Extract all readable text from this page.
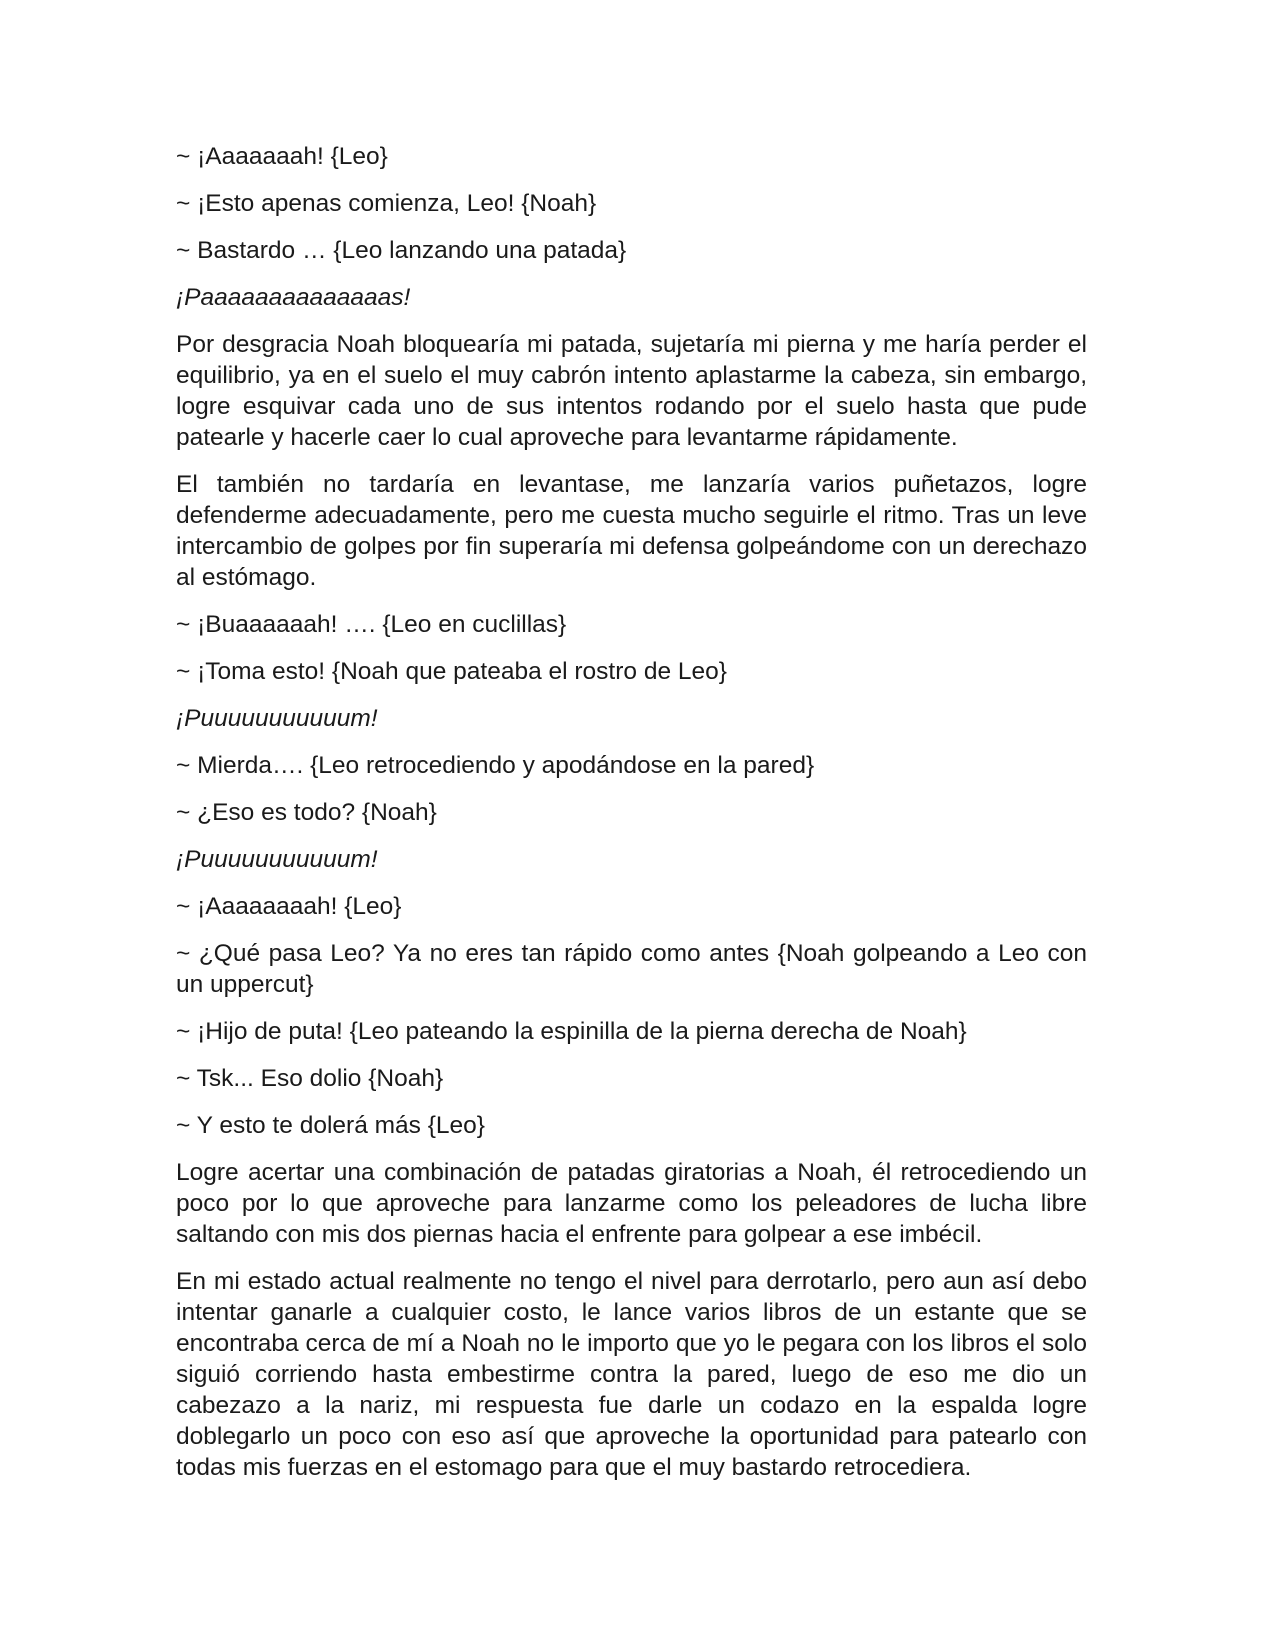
~ ¡Aaaaaaah! {Leo}

~ ¡Esto apenas comienza, Leo! {Noah}

~ Bastardo … {Leo lanzando una patada}

¡Paaaaaaaaaaaaaas!

Por desgracia Noah bloquearía mi patada, sujetaría mi pierna y me haría perder el equilibrio, ya en el suelo el muy cabrón intento aplastarme la cabeza, sin embargo, logre esquivar cada uno de sus intentos rodando por el suelo hasta que pude patearle y hacerle caer lo cual aproveche para levantarme rápidamente.

El también no tardaría en levantase, me lanzaría varios puñetazos, logre defenderme adecuadamente, pero me cuesta mucho seguirle el ritmo. Tras un leve intercambio de golpes por fin superaría mi defensa golpeándome con un derechazo al estómago.

~ ¡Buaaaaaah! …. {Leo en cuclillas}

~ ¡Toma esto! {Noah que pateaba el rostro de Leo}

¡Puuuuuuuuuuum!

~ Mierda…. {Leo retrocediendo y apodándose en la pared}

~ ¿Eso es todo? {Noah}

¡Puuuuuuuuuuum!

~ ¡Aaaaaaaah! {Leo}

~ ¿Qué pasa Leo? Ya no eres tan rápido como antes {Noah golpeando a Leo con un uppercut}

~ ¡Hijo de puta! {Leo pateando la espinilla de la pierna derecha de Noah}

~ Tsk... Eso dolio {Noah}

~ Y esto te dolerá más {Leo}

Logre acertar una combinación de patadas giratorias a Noah, él retrocediendo un poco por lo que aproveche para lanzarme como los peleadores de lucha libre saltando con mis dos piernas hacia el enfrente para golpear a ese imbécil.

En mi estado actual realmente no tengo el nivel para derrotarlo, pero aun así debo intentar ganarle a cualquier costo, le lance varios libros de un estante que se encontraba cerca de mí a Noah no le importo que yo le pegara con los libros el solo siguió corriendo hasta embestirme contra la pared, luego de eso me dio un cabezazo a la nariz, mi respuesta fue darle un codazo en la espalda logre doblegarlo un poco con eso así que aproveche la oportunidad para patearlo con todas mis fuerzas en el estomago para que el muy bastardo retrocediera.
